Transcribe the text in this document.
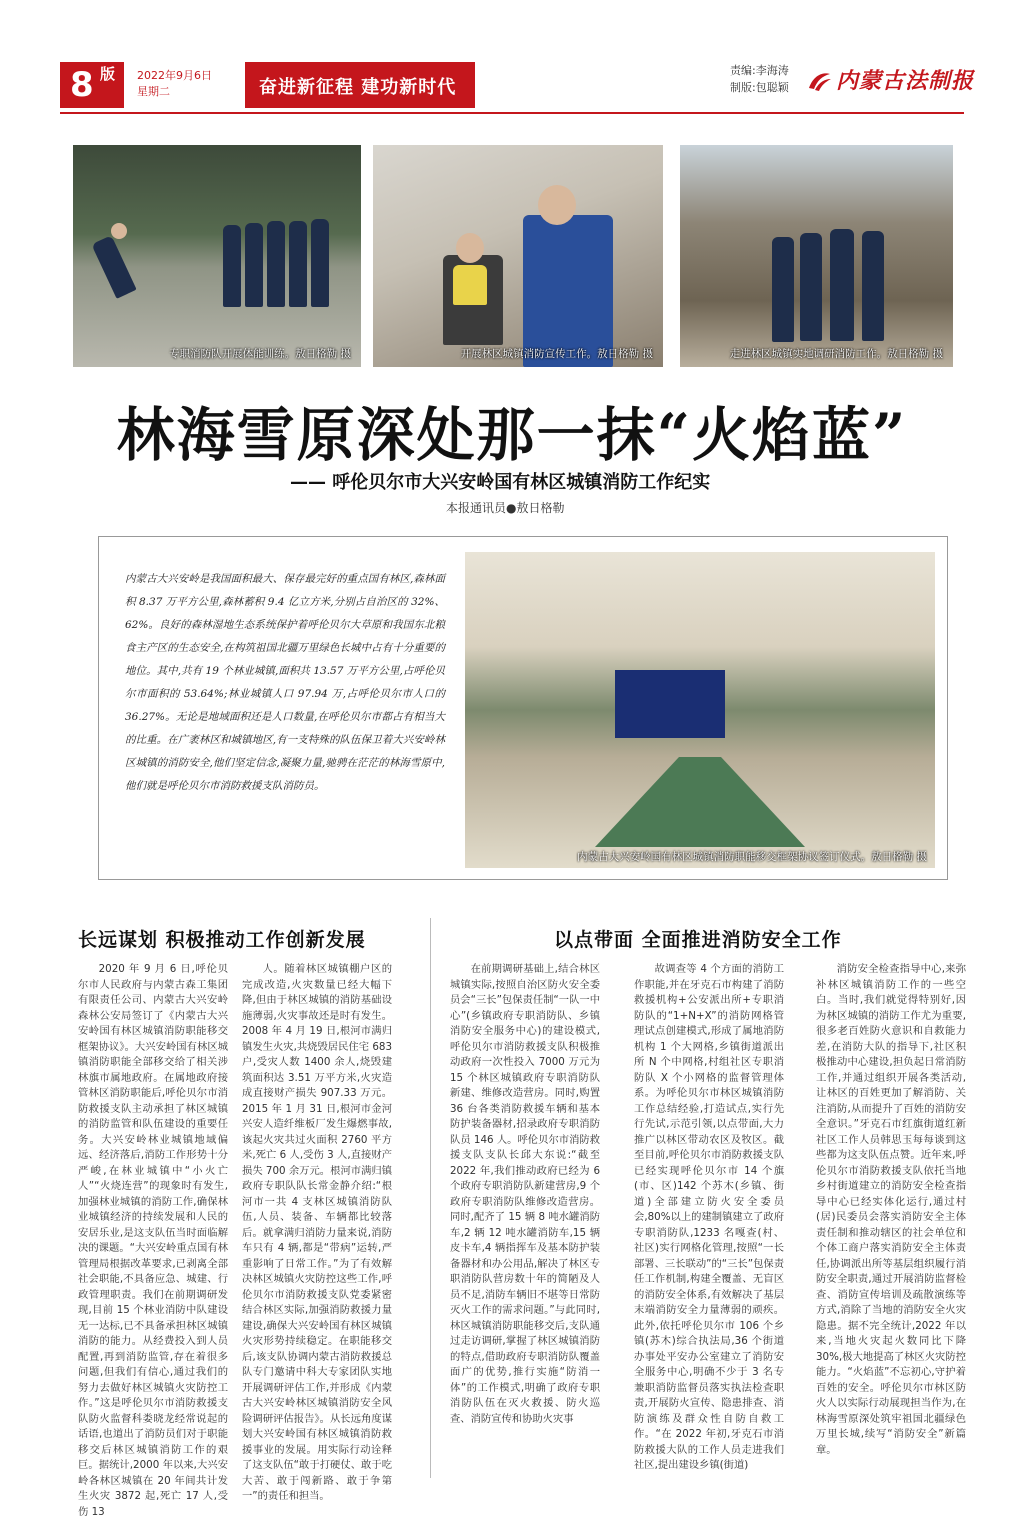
8 版 2022年9月6日
星期二	奋进新征程 建功新时代
责编:李海涛
制版:包聪颖 内蒙古法制报
专职消防队开展体能训练。敖日格勒 摄	开展林区城镇消防宣传工作。敖日格勒 摄	走进林区城镇实地调研消防工作。敖日格勒 摄
林海雪原深处那一抹“火焰蓝”
—— 呼伦贝尔市大兴安岭国有林区城镇消防工作纪实
本报通讯员●敖日格勒
内蒙古大兴安岭是我国面积最大、保存最完好的重点国有林区,森林面积 8.37 万平方公里,森林蓄积 9.4 亿立方米,分别占自治区的 32%、62%。良好的森林湿地生态系统保护着呼伦贝尔大草原和我国东北粮食主产区的生态安全,在构筑祖国北疆万里绿色长城中占有十分重要的地位。其中,共有 19 个林业城镇,面积共 13.57 万平方公里,占呼伦贝尔市面积的 53.64%;林业城镇人口 97.94 万,占呼伦贝尔市人口的 36.27%。无论是地域面积还是人口数量,在呼伦贝尔市都占有相当大的比重。在广袤林区和城镇地区,有一支特殊的队伍保卫着大兴安岭林区城镇的消防安全,他们坚定信念,凝聚力量,驰骋在茫茫的林海雪原中,他们就是呼伦贝尔市消防救援支队消防员。
内蒙古大兴安岭国有林区城镇消防职能移交框架协议签订仪式。敖日格勒 摄
长远谋划 积极推动工作创新发展	以点带面 全面推进消防安全工作

2020 年 9 月 6 日,呼伦贝尔市人民政府与内蒙古森工集团有限责任公司、内蒙古大兴安岭森林公安局签订了《内蒙古大兴安岭国有林区城镇消防职能移交框架协议》。大兴安岭国有林区城镇消防职能全部移交给了相关涉林旗市属地政府。在属地政府接管林区消防职能后,呼伦贝尔市消防救援支队主动承担了林区城镇的消防监管和队伍建设的重要任务。大兴安岭林业城镇地域偏远、经济落后,消防工作形势十分严峻,在林业城镇中“小火亡人”“火烧连营”的现象时有发生,加强林业城镇的消防工作,确保林业城镇经济的持续发展和人民的安居乐业,是这支队伍当时面临解决的课题。“大兴安岭重点国有林管理局根据改革要求,已剥离全部社会职能,不具备应急、城建、行政管理职责。我们在前期调研发现,目前 15 个林业消防中队建设无一达标,已不具备承担林区城镇消防的能力。从经费投入到人员配置,再到消防监管,存在着很多问题,但我们有信心,通过我们的努力去做好林区城镇火灾防控工作。”这是呼伦贝尔市消防救援支队防火监督科娄晓龙经常说起的话语,也道出了消防员们对于职能移交后林区城镇消防工作的艰巨。据统计,2000 年以来,大兴安岭各林区城镇在 20 年间共计发生火灾 3872 起,死亡 17 人,受伤 13

人。随着林区城镇棚户区的完成改造,火灾数量已经大幅下降,但由于林区城镇的消防基础设施薄弱,火灾事故还是时有发生。2008 年 4 月 19 日,根河市满归镇发生火灾,共烧毁居民住宅 683 户,受灾人数 1400 余人,烧毁建筑面积达 3.51 万平方米,火灾造成直接财产损失 907.33 万元。2015 年 1 月 31 日,根河市金河兴安人造纤维板厂发生爆燃事故,该起火灾共过火面积 2760 平方米,死亡 6 人,受伤 3 人,直接财产损失 700 余万元。根河市满归镇政府专职队队长常金静介绍:“根河市一共 4 支林区城镇消防队伍,人员、装备、车辆都比较落后。就拿满归消防力量来说,消防车只有 4 辆,都是“带病”运转,严重影响了日常工作。”为了有效解决林区城镇火灾防控这些工作,呼伦贝尔市消防救援支队党委紧密结合林区实际,加强消防救援力量建设,确保大兴安岭国有林区城镇火灾形势持续稳定。在职能移交后,该支队协调内蒙古消防救援总队专门邀请中科大专家团队实地开展调研评估工作,并形成《内蒙古大兴安岭林区城镇消防安全风险调研评估报告》。从长远角度谋划大兴安岭国有林区城镇消防救援事业的发展。用实际行动诠释了这支队伍“敢于打硬仗、敢于吃大苦、敢于闯新路、敢于争第一”的责任和担当。

在前期调研基础上,结合林区城镇实际,按照自治区防火安全委员会“三长”包保责任制“一队一中心”(乡镇政府专职消防队、乡镇消防安全服务中心)的建设模式,呼伦贝尔市消防救援支队积极推动政府一次性投入 7000 万元为 15 个林区城镇政府专职消防队新建、维修改造营房。同时,购置 36 台各类消防救援车辆和基本防护装备器材,招录政府专职消防队员 146 人。呼伦贝尔市消防救援支队支队长邱大东说:“截至 2022 年,我们推动政府已经为 6 个政府专职消防队新建营房,9 个政府专职消防队维修改造营房。同时,配齐了 15 辆 8 吨水罐消防车,2 辆 12 吨水罐消防车,15 辆皮卡车,4 辆指挥车及基本防护装备器材和办公用品,解决了林区专职消防队营房数十年的简陋及人员不足,消防车辆旧不堪等日常防灭火工作的需求问题。”与此同时,林区城镇消防职能移交后,支队通过走访调研,掌握了林区城镇消防的特点,借助政府专职消防队覆盖面广的优势,推行实施“防消一体”的工作模式,明确了政府专职消防队伍在灭火救援、防火巡查、消防宣传和协助火灾事

故调查等 4 个方面的消防工作职能,并在牙克石市构建了消防救援机构+公安派出所+专职消防队的“1+N+X”的消防网格管理试点创建模式,形成了属地消防机构 1 个大网格,乡镇街道派出所 N 个中网格,村组社区专职消防队 X 个小网格的监督管理体系。为呼伦贝尔市林区城镇消防工作总结经验,打造试点,实行先行先试,示范引领,以点带面,大力推广以林区带动农区及牧区。截至目前,呼伦贝尔市消防救援支队已经实现呼伦贝尔市 14 个旗(市、区)142 个苏木(乡镇、街道)全部建立防火安全委员会,80%以上的建制镇建立了政府专职消防队,1233 名嘎查(村、社区)实行网格化管理,按照“一长部署、三长联动”的“三长”包保责任工作机制,构建全覆盖、无盲区的消防安全体系,有效解决了基层末端消防安全力量薄弱的顽疾。此外,依托呼伦贝尔市 106 个乡镇(苏木)综合执法局,36 个街道办事处平安办公室建立了消防安全服务中心,明确不少于 3 名专兼职消防监督员落实执法检查职责,开展防火宣传、隐患排查、消防演练及群众性自防自救工作。“在 2022 年初,牙克石市消防救援大队的工作人员走进我们社区,提出建设乡镇(街道)

消防安全检查指导中心,来弥补林区城镇消防工作的一些空白。当时,我们就觉得特别好,因为林区城镇的消防工作尤为重要,很多老百姓防火意识和自救能力差,在消防大队的指导下,社区积极推动中心建设,担负起日常消防工作,并通过组织开展各类活动,让林区的百姓更加了解消防、关注消防,从而提升了百姓的消防安全意识。”牙克石市红旗街道红新社区工作人员韩思玉每每谈到这些都为这支队伍点赞。近年来,呼伦贝尔市消防救援支队依托当地乡村街道建立的消防安全检查指导中心已经实体化运行,通过村(居)民委员会落实消防安全主体责任制和推动辖区的社会单位和个体工商户落实消防安全主体责任,协调派出所等基层组织履行消防安全职责,通过开展消防监督检查、消防宣传培训及疏散演练等方式,消除了当地的消防安全火灾隐患。据不完全统计,2022 年以来,当地火灾起火数同比下降 30%,极大地提高了林区火灾防控能力。“火焰蓝”不忘初心,守护着百姓的安全。呼伦贝尔市林区防火人以实际行动展现担当作为,在林海雪原深处筑牢祖国北疆绿色万里长城,续写“消防安全”新篇章。
